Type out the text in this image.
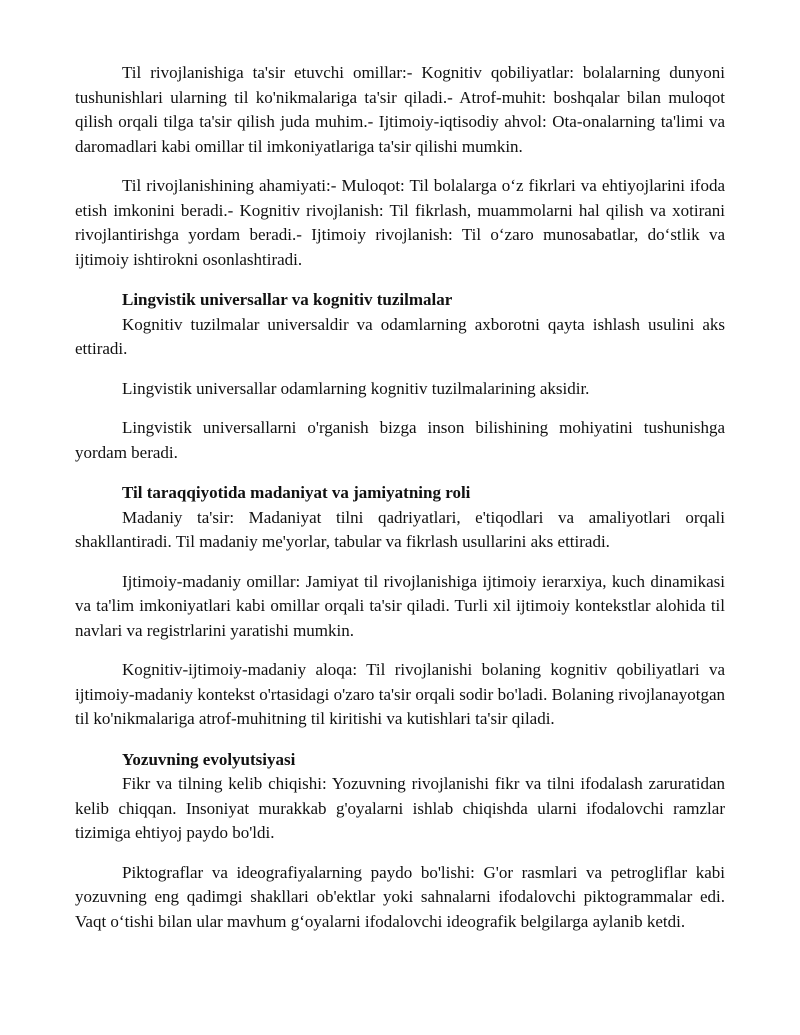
Til rivojlanishiga ta'sir etuvchi omillar:- Kognitiv qobiliyatlar: bolalarning dunyoni tushunishlari ularning til ko'nikmalariga ta'sir qiladi.- Atrof-muhit: boshqalar bilan muloqot qilish orqali tilga ta'sir qilish juda muhim.- Ijtimoiy-iqtisodiy ahvol: Ota-onalarning ta'limi va daromadlari kabi omillar til imkoniyatlariga ta'sir qilishi mumkin.

Til rivojlanishining ahamiyati:- Muloqot: Til bolalarga o‘z fikrlari va ehtiyojlarini ifoda etish imkonini beradi.- Kognitiv rivojlanish: Til fikrlash, muammolarni hal qilish va xotirani rivojlantirishga yordam beradi.- Ijtimoiy rivojlanish: Til o‘zaro munosabatlar, do‘stlik va ijtimoiy ishtirokni osonlashtiradi.

Lingvistik universallar va kognitiv tuzilmalar

Kognitiv tuzilmalar universaldir va odamlarning axborotni qayta ishlash usulini aks ettiradi.

Lingvistik universallar odamlarning kognitiv tuzilmalarining aksidir.

Lingvistik universallarni o'rganish bizga inson bilishining mohiyatini tushunishga yordam beradi.

Til taraqqiyotida madaniyat va jamiyatning roli

Madaniy ta'sir: Madaniyat tilni qadriyatlari, e'tiqodlari va amaliyotlari orqali shakllantiradi. Til madaniy me'yorlar, tabular va fikrlash usullarini aks ettiradi.

Ijtimoiy-madaniy omillar: Jamiyat til rivojlanishiga ijtimoiy ierarxiya, kuch dinamikasi va ta'lim imkoniyatlari kabi omillar orqali ta'sir qiladi. Turli xil ijtimoiy kontekstlar alohida til navlari va registrlarini yaratishi mumkin.

Kognitiv-ijtimoiy-madaniy aloqa: Til rivojlanishi bolaning kognitiv qobiliyatlari va ijtimoiy-madaniy kontekst o'rtasidagi o'zaro ta'sir orqali sodir bo'ladi. Bolaning rivojlanayotgan til ko'nikmalariga atrof-muhitning til kiritishi va kutishlari ta'sir qiladi.

Yozuvning evolyutsiyasi

Fikr va tilning kelib chiqishi: Yozuvning rivojlanishi fikr va tilni ifodalash zaruratidan kelib chiqqan. Insoniyat murakkab g'oyalarni ishlab chiqishda ularni ifodalovchi ramzlar tizimiga ehtiyoj paydo bo'ldi.

Piktograflar va ideografiyalarning paydo bo'lishi: G'or rasmlari va petrogliflar kabi yozuvning eng qadimgi shakllari ob'ektlar yoki sahnalarni ifodalovchi piktogrammalar edi. Vaqt o‘tishi bilan ular mavhum g‘oyalarni ifodalovchi ideografik belgilarga aylanib ketdi.
